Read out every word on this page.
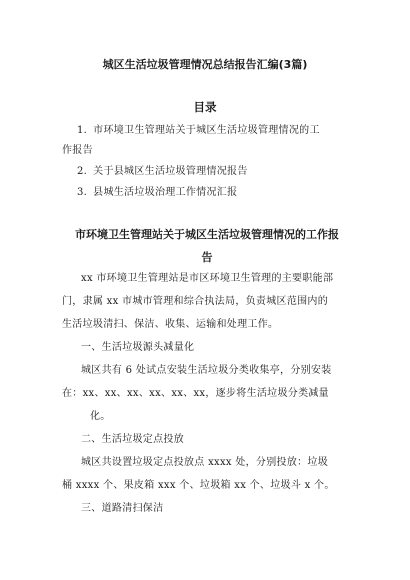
城区生活垃圾管理情况总结报告汇编(3篇)
目录
1. 市环境卫生管理站关于城区生活垃圾管理情况的工
作报告
2. 关于县城区生活垃圾管理情况报告
3. 县城生活垃圾治理工作情况汇报
市环境卫生管理站关于城区生活垃圾管理情况的工作报
告
xx 市环境卫生管理站是市区环境卫生管理的主要职能部
门，隶属 xx 市城市管理和综合执法局，负责城区范围内的
生活垃圾清扫、保洁、收集、运输和处理工作。
一、生活垃圾源头减量化
城区共有 6 处试点安装生活垃圾分类收集亭，分别安装
在：xx、xx、xx、xx、xx、xx，逐步将生活垃圾分类减量
化。
二、生活垃圾定点投放
城区共设置垃圾定点投放点 xxxx 处，分别投放：垃圾
桶 xxxx 个、果皮箱 xxx 个、垃圾箱 xx 个、垃圾斗 x 个。
三、道路清扫保洁
